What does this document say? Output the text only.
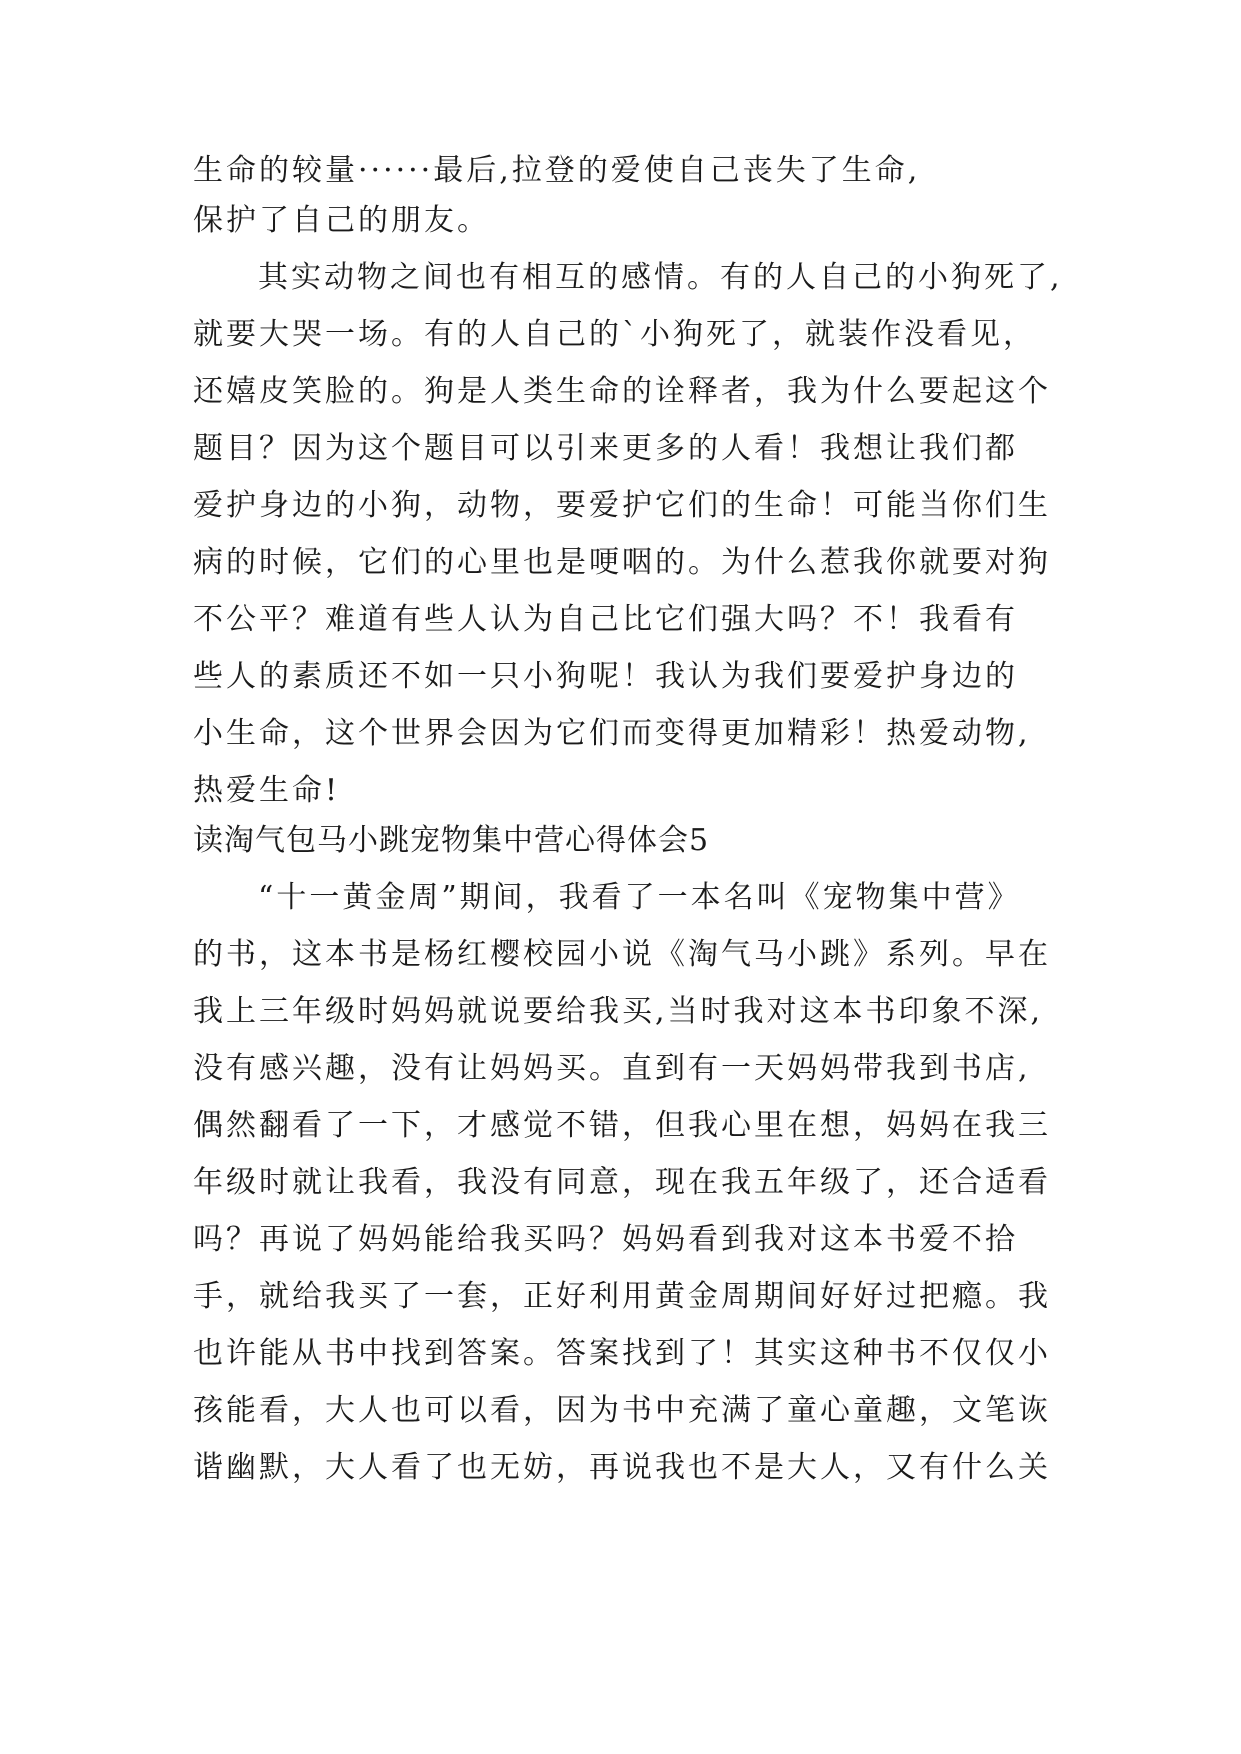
生命的较量······最后,拉登的爱使自己丧失了生命,
保护了自己的朋友。
其实动物之间也有相互的感情。有的人自己的小狗死了,
就要大哭一场。有的人自己的`小狗死了，就装作没看见，
还嬉皮笑脸的。狗是人类生命的诠释者，我为什么要起这个
题目？因为这个题目可以引来更多的人看！我想让我们都
爱护身边的小狗，动物，要爱护它们的生命！可能当你们生
病的时候，它们的心里也是哽咽的。为什么惹我你就要对狗
不公平？难道有些人认为自己比它们强大吗？不！我看有
些人的素质还不如一只小狗呢！我认为我们要爱护身边的
小生命，这个世界会因为它们而变得更加精彩！热爱动物,
热爱生命!
读淘气包马小跳宠物集中营心得体会5
“十一黄金周”期间，我看了一本名叫《宠物集中营》
的书，这本书是杨红樱校园小说《淘气马小跳》系列。早在
我上三年级时妈妈就说要给我买,当时我对这本书印象不深,
没有感兴趣，没有让妈妈买。直到有一天妈妈带我到书店,
偶然翻看了一下，才感觉不错，但我心里在想，妈妈在我三
年级时就让我看，我没有同意，现在我五年级了，还合适看
吗？再说了妈妈能给我买吗？妈妈看到我对这本书爱不拾
手，就给我买了一套，正好利用黄金周期间好好过把瘾。我
也许能从书中找到答案。答案找到了！其实这种书不仅仅小
孩能看，大人也可以看，因为书中充满了童心童趣，文笔诙
谐幽默，大人看了也无妨，再说我也不是大人，又有什么关
